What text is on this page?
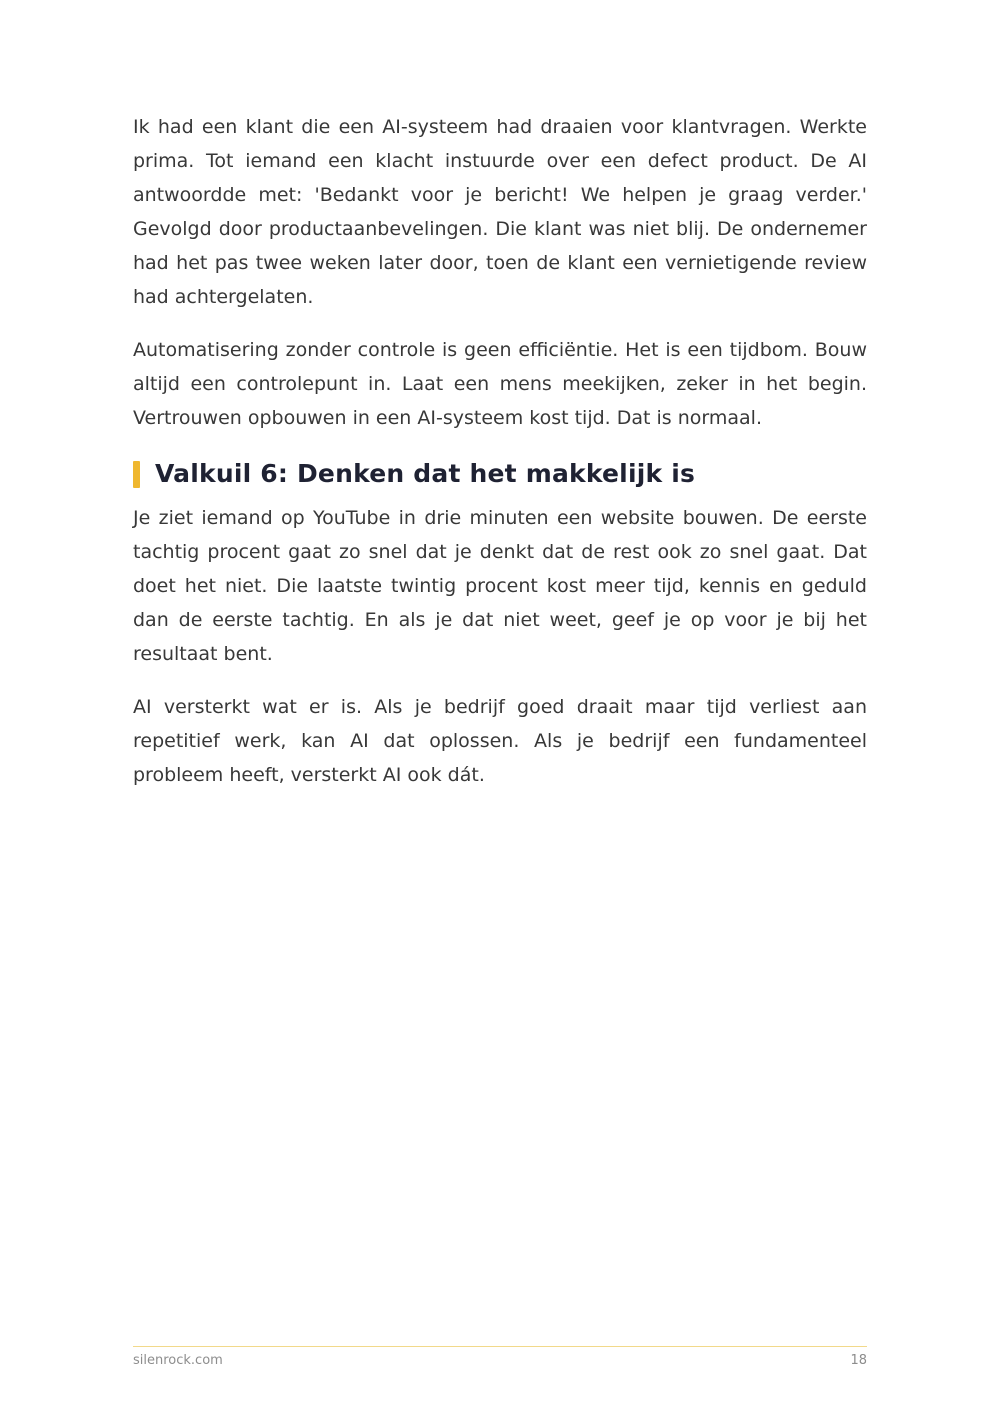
Ik had een klant die een AI-systeem had draaien voor klantvragen. Werkte prima. Tot iemand een klacht instuurde over een defect product. De AI antwoordde met: 'Bedankt voor je bericht! We helpen je graag verder.' Gevolgd door productaanbevelingen. Die klant was niet blij. De ondernemer had het pas twee weken later door, toen de klant een vernietigende review had achtergelaten.

Automatisering zonder controle is geen efficiëntie. Het is een tijdbom. Bouw altijd een controlepunt in. Laat een mens meekijken, zeker in het begin. Vertrouwen opbouwen in een AI-systeem kost tijd. Dat is normaal.

Valkuil 6: Denken dat het makkelijk is

Je ziet iemand op YouTube in drie minuten een website bouwen. De eerste tachtig procent gaat zo snel dat je denkt dat de rest ook zo snel gaat. Dat doet het niet. Die laatste twintig procent kost meer tijd, kennis en geduld dan de eerste tachtig. En als je dat niet weet, geef je op voor je bij het resultaat bent.

AI versterkt wat er is. Als je bedrijf goed draait maar tijd verliest aan repetitief werk, kan AI dat oplossen. Als je bedrijf een fundamenteel probleem heeft, versterkt AI ook dát.

silenrock.com	18
